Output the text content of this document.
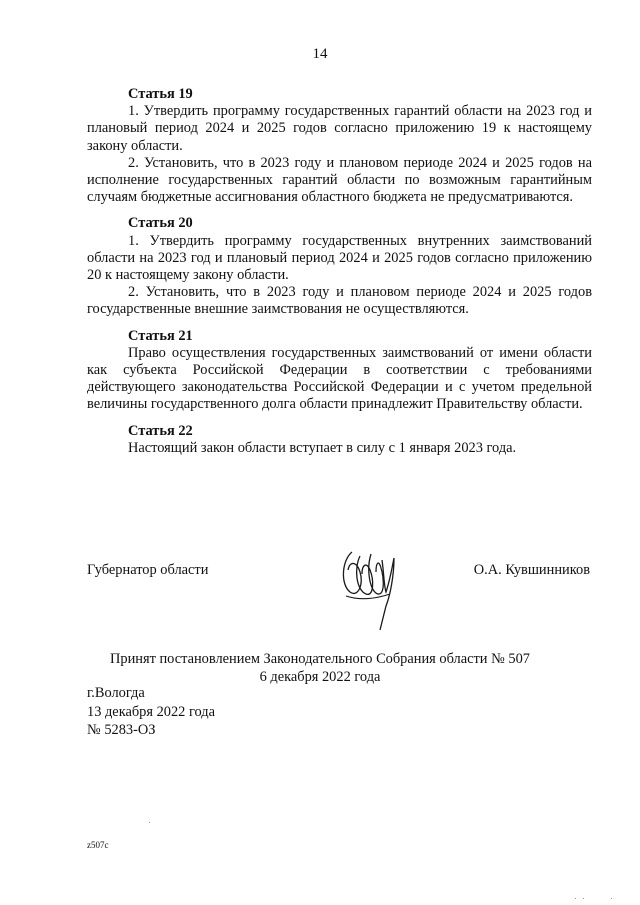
14
Статья 19

1. Утвердить программу государственных гарантий области на 2023 год и плановый период 2024 и 2025 годов согласно приложению 19 к настоящему закону области.

2. Установить, что в 2023 году и плановом периоде 2024 и 2025 годов на исполнение государственных гарантий области по возможным гарантийным случаям бюджетные ассигнования областного бюджета не предусматриваются.

Статья 20

1. Утвердить программу государственных внутренних заимствований области на 2023 год и плановый период 2024 и 2025 годов согласно приложению 20 к настоящему закону области.

2. Установить, что в 2023 году и плановом периоде 2024 и 2025 годов государственные внешние заимствования не осуществляются.

Статья 21

Право осуществления государственных заимствований от имени области как субъекта Российской Федерации в соответствии с требованиями действующего законодательства Российской Федерации и с учетом предельной величины государственного долга области принадлежит Правительству области.

Статья 22

Настоящий закон области вступает в силу с 1 января 2023 года.

Губернатор области	О.А. Кувшинников
Принят постановлением Законодательного Собрания области № 507
6 декабря 2022 года
г.Вологда
13 декабря 2022 года
№ 5283-ОЗ
z507c
